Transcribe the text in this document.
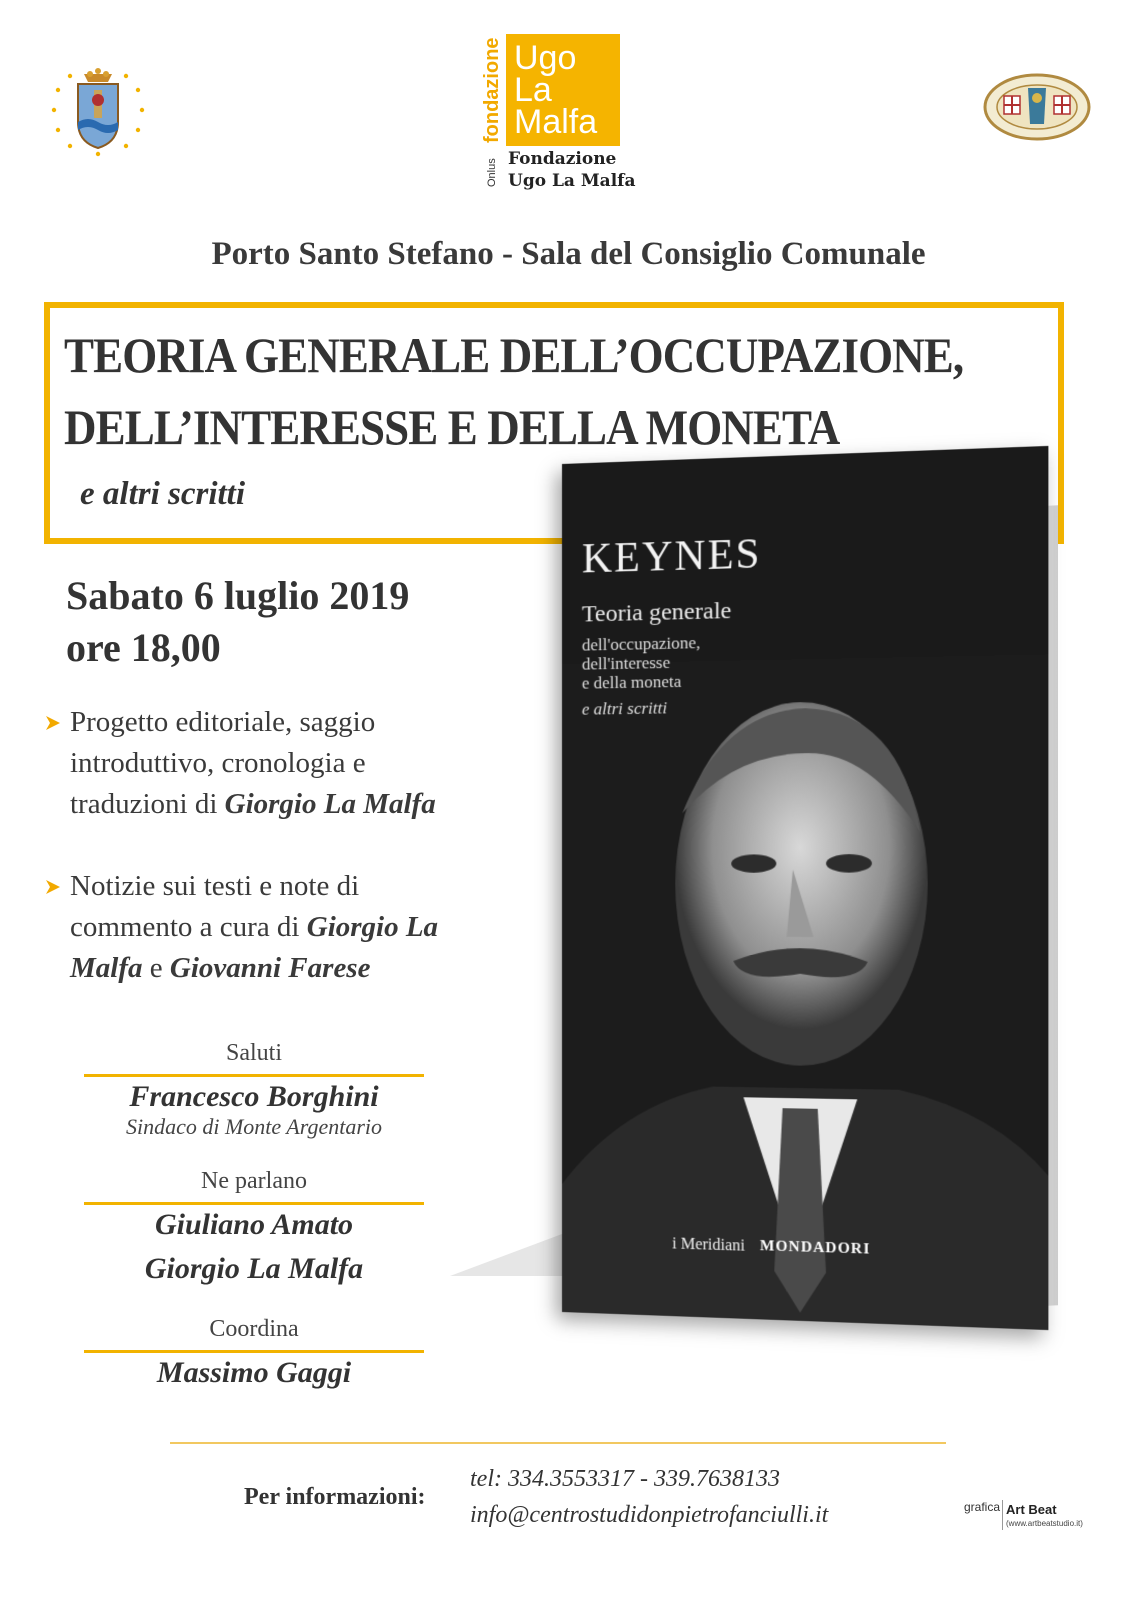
fondazione Ugo
La
Malfa
Onlus Fondazione
Ugo La Malfa
Porto Santo Stefano - Sala del Consiglio Comunale
TEORIA GENERALE DELL’OCCUPAZIONE,
DELL’INTERESSE E DELLA MONETA
e altri scritti
Sabato 6 luglio 2019
ore 18,00
Progetto editoriale, saggio
introduttivo, cronologia e
traduzioni di Giorgio La Malfa
Notizie sui testi e note di
commento a cura di Giorgio La
Malfa e Giovanni Farese
Saluti
Francesco Borghini
Sindaco di Monte Argentario
Ne parlano
Giuliano Amato
Giorgio La Malfa
Coordina
Massimo Gaggi
KEYNES
Teoria generale
dell'occupazione,
dell'interesse
e della moneta
e altri scritti
i Meridiani MONDADORI
Per informazioni:
tel: 334.3553317 - 339.7638133
info@centrostudidonpietrofanciulli.it	grafica Art Beat
(www.artbeatstudio.it)
